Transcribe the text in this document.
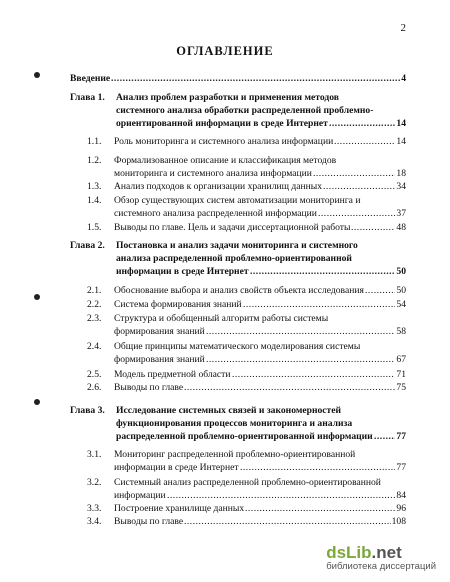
2
ОГЛАВЛЕНИЕ
Введение	4
.....
Глава 1. Анализ проблем разработки и применения методов
системного анализа обработки распределенной проблемно-
ориентированной информации в среде Интернет	14
.....
1.1. Роль мониторинга и системного анализа информации	14
.....
1.2. Формализованное описание и классификация методов
мониторинга и системного анализа информации	18
.....
1.3. Анализ подходов к организации хранилищ данных	34
.....
1.4. Обзор существующих систем автоматизации мониторинга и
системного анализа распределенной информации	37
.....
1.5. Выводы по главе. Цель и задачи диссертационной работы	48
.....
Глава 2. Постановка и анализ задачи мониторинга и системного
анализа распределенной проблемно-ориентированной
информации в среде Интернет	50
.....
2.1. Обоснование выбора и анализ свойств объекта исследования	50
.....
2.2. Система формирования знаний	54
.....
2.3. Структура и обобщенный алгоритм работы системы
формирования знаний	58
.....
2.4. Общие принципы математического моделирования системы
формирования знаний	67
.....
2.5. Модель предметной области	71
.....
2.6. Выводы по главе	75
.....
Глава 3. Исследование системных связей и закономерностей
функционирования процессов мониторинга и анализа
распределенной проблемно-ориентированной информации 77
.....
3.1. Мониторинг распределенной проблемно-ориентированной
информации в среде Интернет	77
.....
3.2. Системный анализ распределенной проблемно-ориентированной
информации	84
.....
3.3. Построение хранилище данных	96
.....
3.4. Выводы по главе	108
.....
dsLib.net
библиотека диссертаций
